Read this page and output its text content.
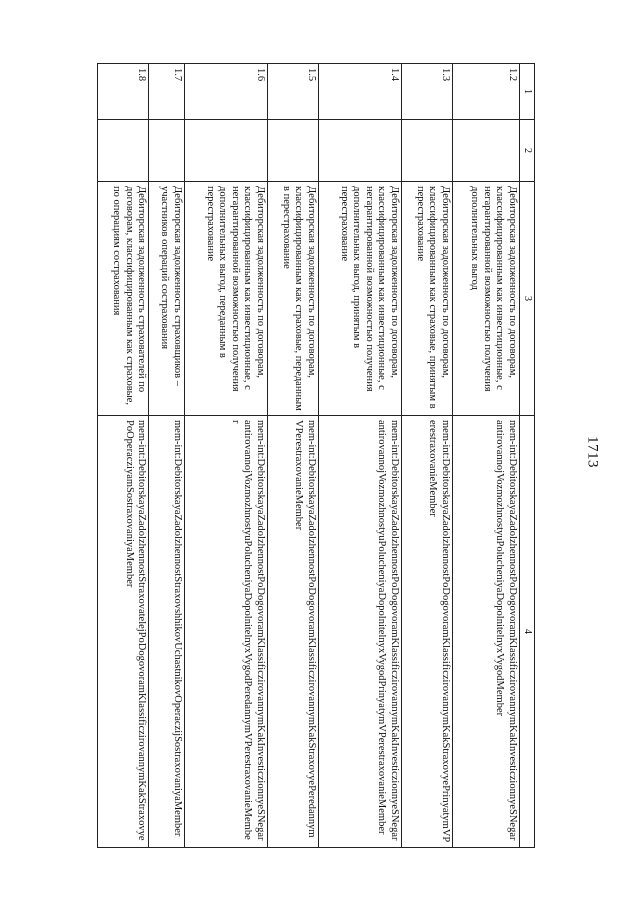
1713
1	2	3	4
1.2		Дебиторская задолженность по договорам, классифицированным как инвестиционные, с негарантированной возможностью получения дополнительных выгод	mem-int:DebitorskayaZadolzhennostPoDogovoramKlassificzirovannymKakInvesticzionnyeSNegarantirovannojVozmozhnostyuPolucheniyaDopolnitelnyxVygodMember
1.3		Дебиторская задолженность по договорам, классифицированным как страховые, принятым в перестрахование	mem-int:DebitorskayaZadolzhennostPoDogovoramKlassificzirovannymKakStraxovyePrinyatymVPerestraxovanieMember
1.4		Дебиторская задолженность по договорам, классифицированным как инвестиционные, с негарантированной возможностью получения дополнительных выгод, принятым в перестрахование	mem-int:DebitorskayaZadolzhennostPoDogovoramKlassificzirovannymKakInvesticzionnyeSNegarantirovannojVozmozhnostyuPolucheniyaDopolnitelnyxVygodPrinyatymVPerestraxovanieMember
1.5		Дебиторская задолженность по договорам, классифицированным как страховые, переданным в перестрахование	mem-int:DebitorskayaZadolzhennostPoDogovoramKlassificzirovannymKakStraxovyePeredannymVPerestraxovanieMember
1.6		Дебиторская задолженность по договорам, классифицированным как инвестиционные, с негарантированной возможностью получения дополнительных выгод, переданным в перестрахование	mem-int:DebitorskayaZadolzhennostPoDogovoramKlassificzirovannymKakInvesticzionnyeSNegarantirovannojVozmozhnostyuPolucheniyaDopolnitelnyxVygodPeredannymVPerestraxovanieMember
1.7		Дебиторская задолженность страховщиков – участников операций сострахования	mem-int:DebitorskayaZadolzhennostStraxovshhikovUchastnikovOperaczijSostraxovaniyaMember
1.8		Дебиторская задолженность страхователей по договорам, классифицированным как страховые, по операциям сострахования	mem-int:DebitorskayaZadolzhennostStraxovatelejPoDogovoramKlassificzirovannymKakStraxovyePoOperacziyamSostraxovaniyaMember
